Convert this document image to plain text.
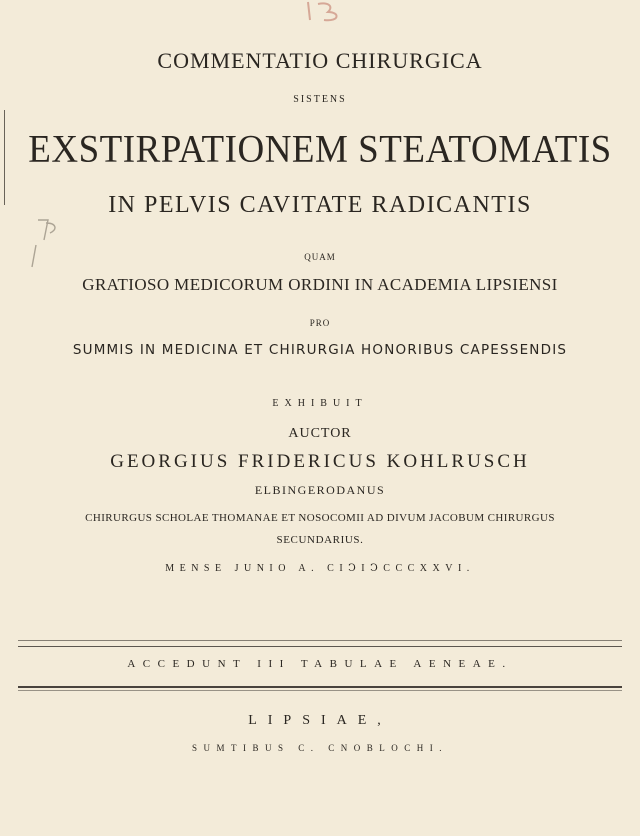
COMMENTATIO CHIRURGICA
SISTENS
EXSTIRPATIONEM STEATOMATIS
IN PELVIS CAVITATE RADICANTIS
QUAM
GRATIOSO MEDICORUM ORDINI IN ACADEMIA LIPSIENSI
PRO
SUMMIS IN MEDICINA ET CHIRURGIA HONORIBUS CAPESSENDIS
EXHIBUIT
AUCTOR
GEORGIUS FRIDERICUS KOHLRUSCH
ELBINGERODANUS
CHIRURGUS SCHOLAE THOMANAE ET NOSOCOMII AD DIVUM JACOBUM CHIRURGUS
SECUNDARIUS.
MENSE JUNIO A. CIↃIↃCCCXXVI.
ACCEDUNT III TABULAE AENEAE.
LIPSIAE,
SUMTIBUS C. CNOBLOCHI.
